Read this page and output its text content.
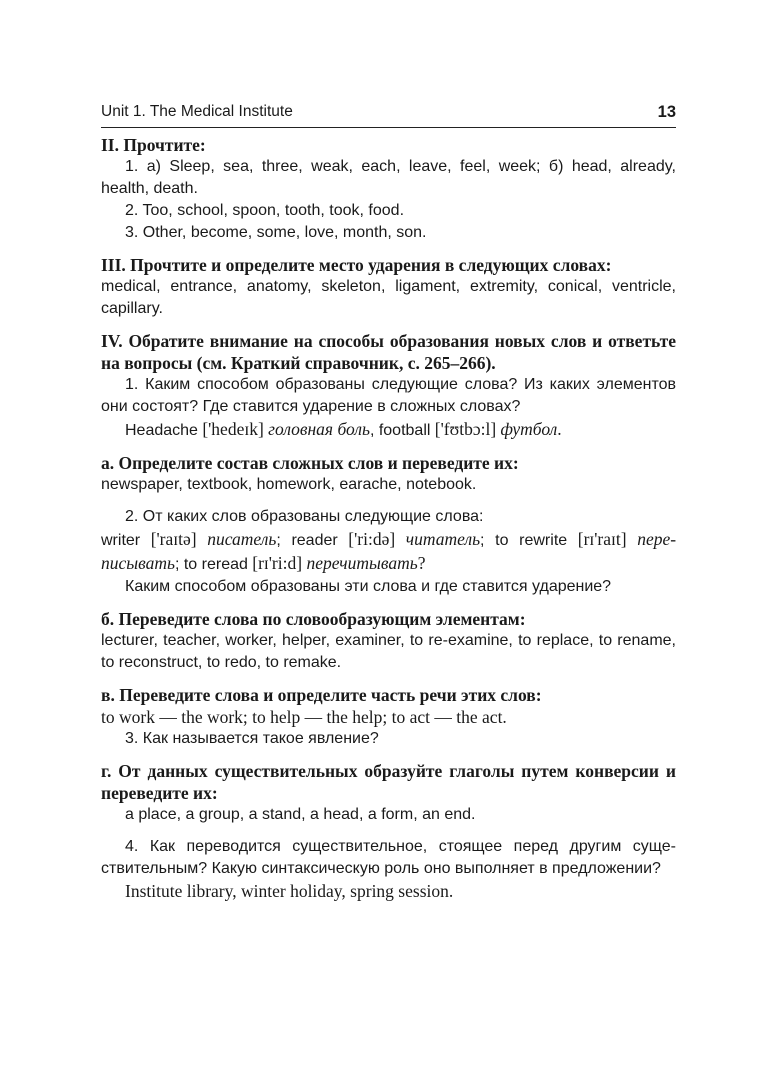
Unit 1. The Medical Institute	13
II. Прочтите:
1. а) Sleep, sea, three, weak, each, leave, feel, week; б) head, already, health, death.
2. Too, school, spoon, tooth, took, food.
3. Other, become, some, love, month, son.
III. Прочтите и определите место ударения в следующих словах:
medical, entrance, anatomy, skeleton, ligament, extremity, conical, ventricle, capillary.
IV. Обратите внимание на способы образования новых слов и ответьте на вопросы (см. Краткий справочник, с. 265–266).
1. Каким способом образованы следующие слова? Из каких элементов они состоят? Где ставится ударение в сложных словах?
Headache ['hedeɪk] головная боль, football ['fʊtbɔ:l] футбол.
а. Определите состав сложных слов и переведите их:
newspaper, textbook, homework, earache, notebook.
2. От каких слов образованы следующие слова:
writer ['raɪtə] писатель; reader ['ri:də] читатель; to rewrite [rɪ'raɪt] переписывать; to reread [rɪ'ri:d] перечитывать?
Каким способом образованы эти слова и где ставится ударение?
б. Переведите слова по словообразующим элементам:
lecturer, teacher, worker, helper, examiner, to re-examine, to replace, to rename, to reconstruct, to redo, to remake.
в. Переведите слова и определите часть речи этих слов:
to work — the work; to help — the help; to act — the act.
3. Как называется такое явление?
г. От данных существительных образуйте глаголы путем конверсии и переведите их:
a place, a group, a stand, a head, a form, an end.
4. Как переводится существительное, стоящее перед другим существительным? Какую синтаксическую роль оно выполняет в предложении?
Institute library, winter holiday, spring session.
